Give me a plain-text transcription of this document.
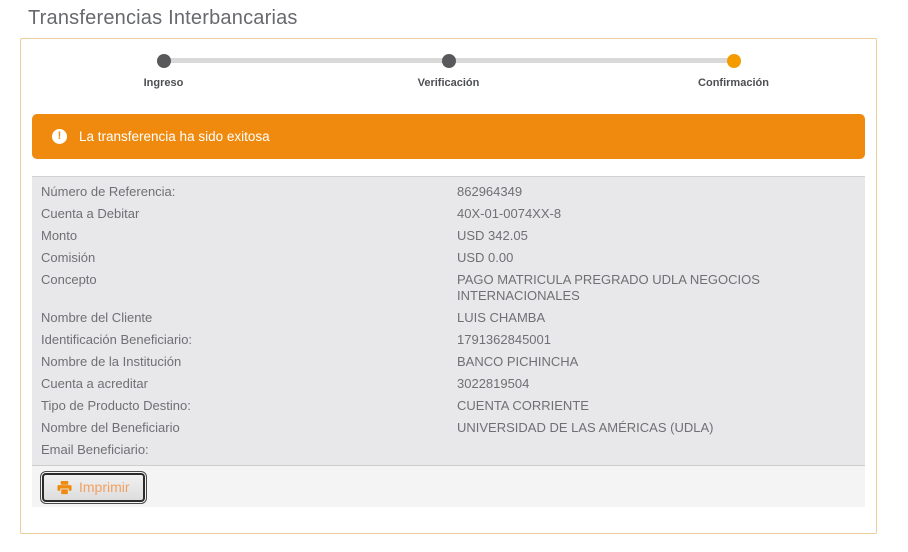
Transferencias Interbancarias
Ingreso	Verificación	Confirmación
!	La transferencia ha sido exitosa
Número de Referencia:	862964349
Cuenta a Debitar	40X-01-0074XX-8
Monto	USD 342.05
Comisión	USD 0.00
Concepto	PAGO MATRICULA PREGRADO UDLA NEGOCIOS INTERNACIONALES
Nombre del Cliente	LUIS CHAMBA
Identificación Beneficiario:	1791362845001
Nombre de la Institución	BANCO PICHINCHA
Cuenta a acreditar	3022819504
Tipo de Producto Destino:	CUENTA CORRIENTE
Nombre del Beneficiario	UNIVERSIDAD DE LAS AMÉRICAS (UDLA)
Email Beneficiario:
Imprimir
